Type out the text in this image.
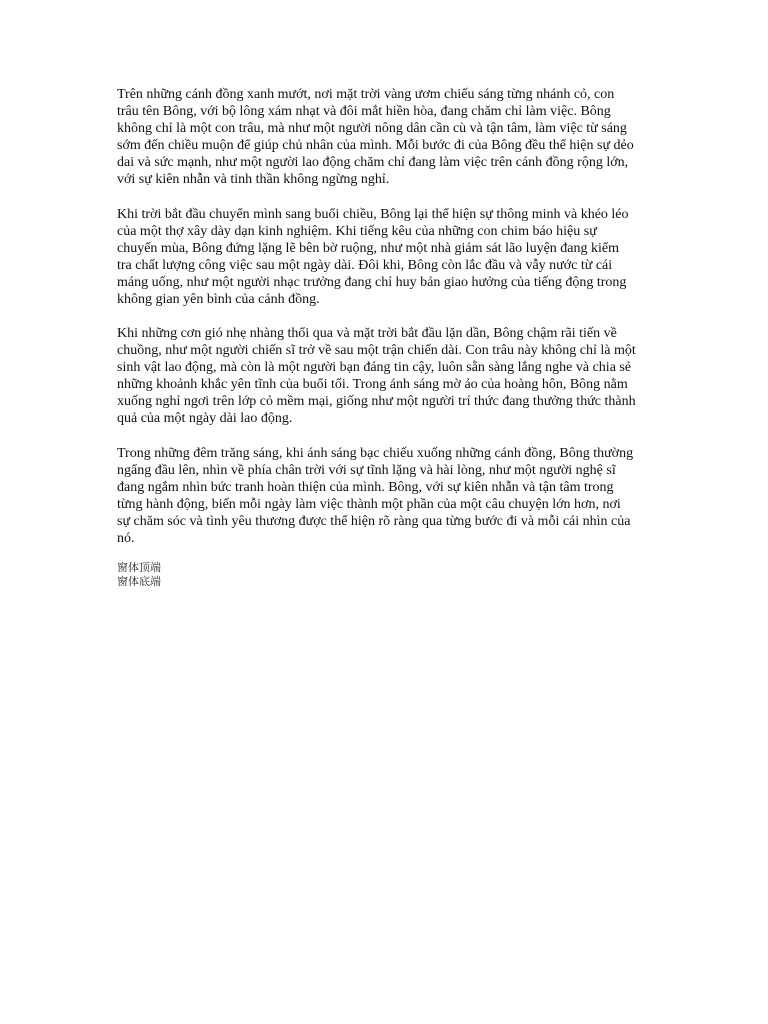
Trên những cánh đồng xanh mướt, nơi mặt trời vàng ươm chiếu sáng từng nhánh cỏ, con trâu tên Bông, với bộ lông xám nhạt và đôi mắt hiền hòa, đang chăm chỉ làm việc. Bông không chỉ là một con trâu, mà như một người nông dân cần cù và tận tâm, làm việc từ sáng sớm đến chiều muộn để giúp chủ nhân của mình. Mỗi bước đi của Bông đều thể hiện sự dẻo dai và sức mạnh, như một người lao động chăm chỉ đang làm việc trên cánh đồng rộng lớn, với sự kiên nhẫn và tinh thần không ngừng nghỉ.

Khi trời bắt đầu chuyển mình sang buổi chiều, Bông lại thể hiện sự thông minh và khéo léo của một thợ xây dày dạn kinh nghiệm. Khi tiếng kêu của những con chim báo hiệu sự chuyển mùa, Bông đứng lặng lẽ bên bờ ruộng, như một nhà giám sát lão luyện đang kiểm tra chất lượng công việc sau một ngày dài. Đôi khi, Bông còn lắc đầu và vẫy nước từ cái máng uống, như một người nhạc trưởng đang chỉ huy bản giao hưởng của tiếng động trong không gian yên bình của cánh đồng.

Khi những cơn gió nhẹ nhàng thổi qua và mặt trời bắt đầu lặn dần, Bông chậm rãi tiến về chuồng, như một người chiến sĩ trở về sau một trận chiến dài. Con trâu này không chỉ là một sinh vật lao động, mà còn là một người bạn đáng tin cậy, luôn sẵn sàng lắng nghe và chia sẻ những khoảnh khắc yên tĩnh của buổi tối. Trong ánh sáng mờ ảo của hoàng hôn, Bông nằm xuống nghỉ ngơi trên lớp cỏ mềm mại, giống như một người trí thức đang thưởng thức thành quả của một ngày dài lao động.

Trong những đêm trăng sáng, khi ánh sáng bạc chiếu xuống những cánh đồng, Bông thường ngẩng đầu lên, nhìn về phía chân trời với sự tĩnh lặng và hài lòng, như một người nghệ sĩ đang ngắm nhìn bức tranh hoàn thiện của mình. Bông, với sự kiên nhẫn và tận tâm trong từng hành động, biến mỗi ngày làm việc thành một phần của một câu chuyện lớn hơn, nơi sự chăm sóc và tình yêu thương được thể hiện rõ ràng qua từng bước đi và mỗi cái nhìn của nó.

窗体顶端

窗体底端
